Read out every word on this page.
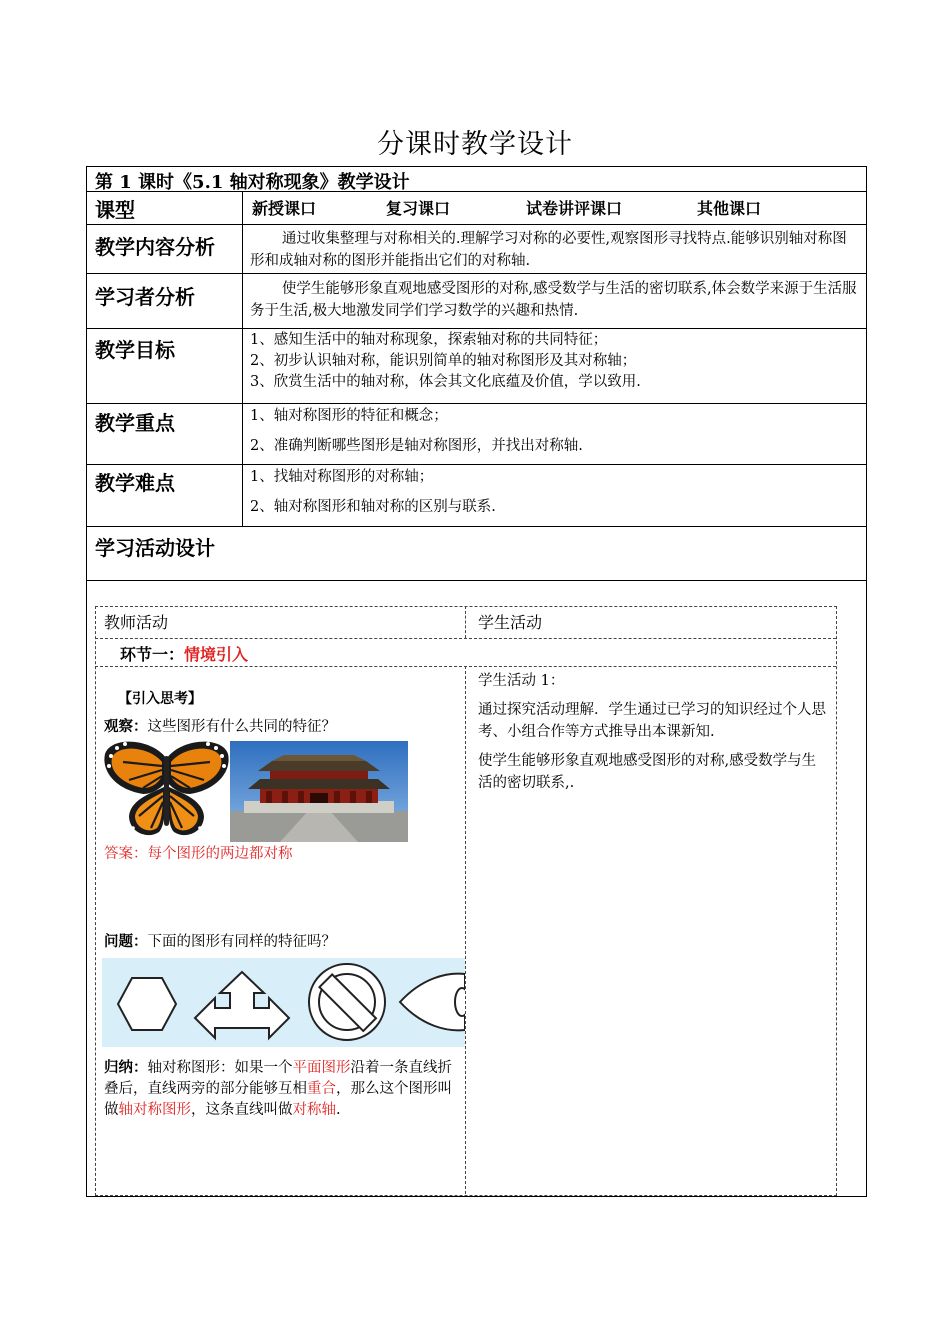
分课时教学设计
第 1 课时《5.1 轴对称现象》教学设计
课型	新授课口	复习课口	试卷讲评课口	其他课口
教学内容分析	通过收集整理与对称相关的.理解学习对称的必要性,观察图形寻找特点.能够识别轴对称图形和成轴对称的图形并能指出它们的对称轴.
学习者分析	使学生能够形象直观地感受图形的对称,感受数学与生活的密切联系,体会数学来源于生活服务于生活,极大地激发同学们学习数学的兴趣和热情.
教学目标	1、感知生活中的轴对称现象，探索轴对称的共同特征；
2、初步认识轴对称，能识别简单的轴对称图形及其对称轴；
3、欣赏生活中的轴对称，体会其文化底蕴及价值，学以致用.
教学重点	1、轴对称图形的特征和概念；
2、准确判断哪些图形是轴对称图形，并找出对称轴.
教学难点	1、找轴对称图形的对称轴；
2、轴对称图形和轴对称的区别与联系.
学习活动设计
教师活动	学生活动
环节一：情境引入
【引入思考】
观察：这些图形有什么共同的特征？
答案：每个图形的两边都对称
问题：下面的图形有同样的特征吗？
归纳：轴对称图形：如果一个平面图形沿着一条直线折叠后，直线两旁的部分能够互相重合，那么这个图形叫做轴对称图形，这条直线叫做对称轴.
学生活动 1：
通过探究活动理解．学生通过已学习的知识经过个人思考、小组合作等方式推导出本课新知.
使学生能够形象直观地感受图形的对称,感受数学与生活的密切联系,.
